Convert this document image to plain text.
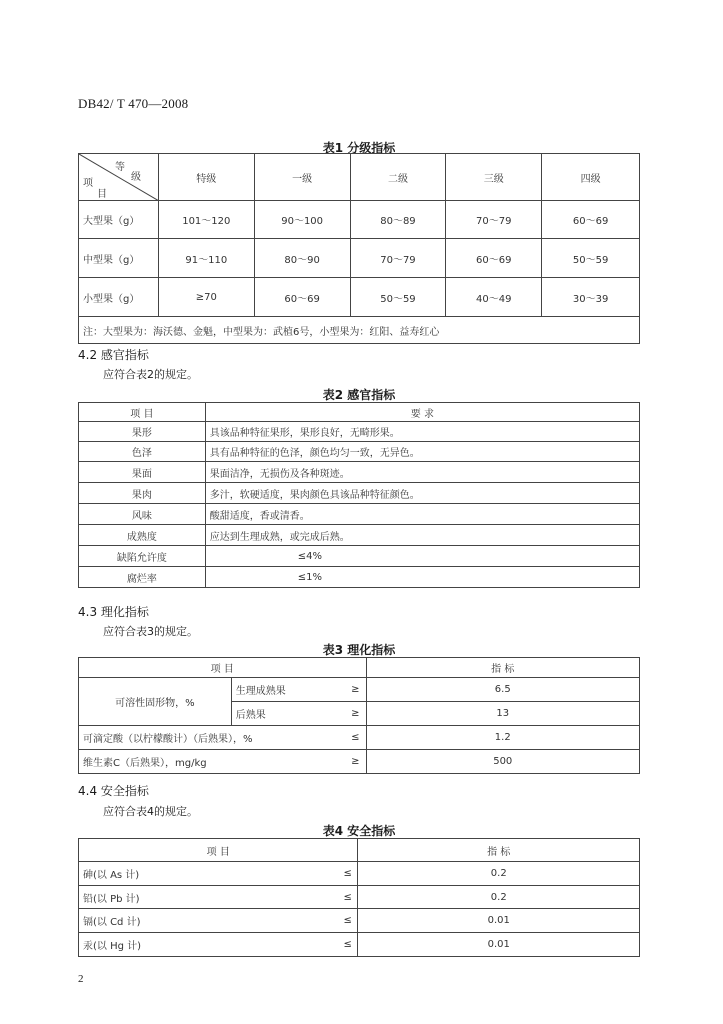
DB42/ T 470—2008
表1 分级指标
等
级
项
目	特级	一级	二级	三级	四级
大型果（g）	101～120	90～100	80～89	70～79	60～69
中型果（g）	91～110	80～90	70～79	60～69	50～59
小型果（g）	≥70	60～69	50～59	40～49	30～39
注：大型果为：海沃德、金魁，中型果为：武植6号，小型果为：红阳、益寿红心					
4.2 感官指标
应符合表2的规定。
表2 感官指标
项 目	要 求
果形	具该品种特征果形，果形良好，无畸形果。
色泽	具有品种特征的色泽，颜色均匀一致，无异色。
果面	果面洁净，无损伤及各种斑迹。
果肉	多汁，软硬适度，果肉颜色具该品种特征颜色。
风味	酸甜适度，香或清香。
成熟度	应达到生理成熟，或完成后熟。
缺陷允许度	≤4%
腐烂率	≤1%
4.3 理化指标
应符合表3的规定。
表3 理化指标
项 目			指 标
可溶性固形物，%	生理成熟果	≥	6.5
	后熟果	≥	13
可滴定酸（以柠檬酸计）（后熟果），%		≤	1.2
维生素C（后熟果），mg/kg		≥	500
4.4 安全指标
应符合表4的规定。
表4 安全指标
项 目		指 标
砷(以 As 计)	≤	0.2
铅(以 Pb 计)	≤	0.2
镉(以 Cd 计)	≤	0.01
汞(以 Hg 计)	≤	0.01
2
